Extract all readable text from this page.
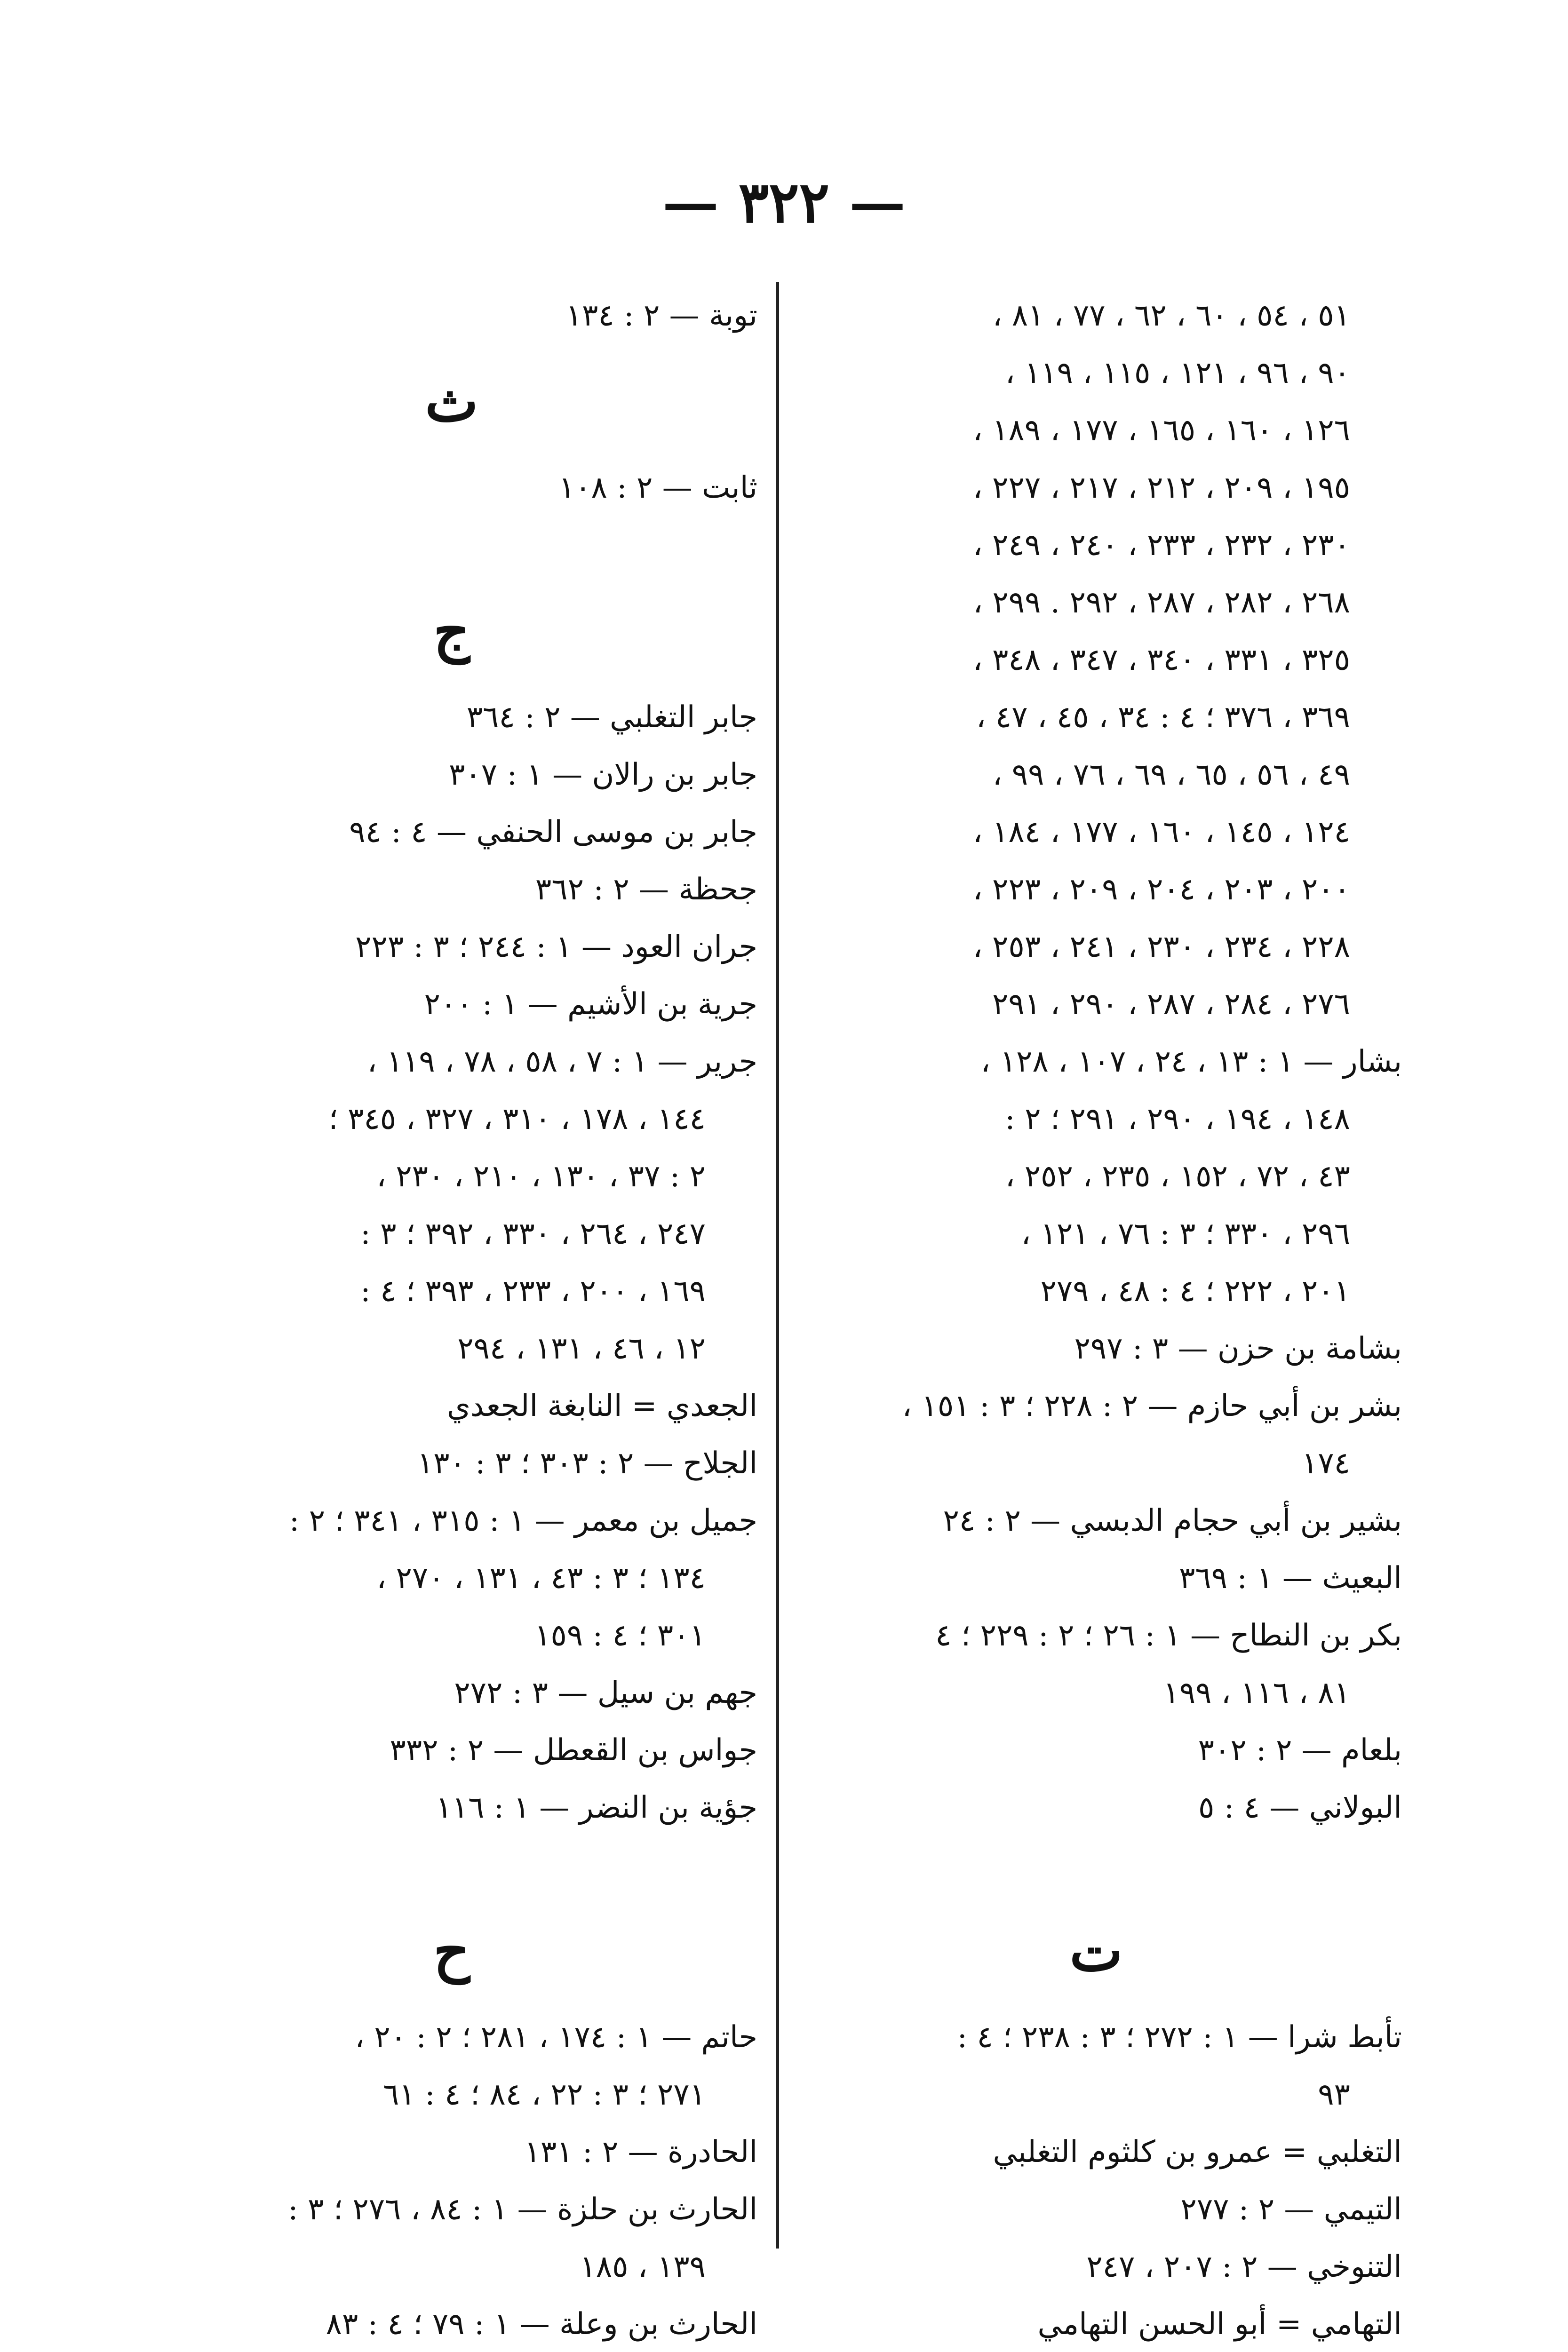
— ٣٢٢ —
٥١ ، ٥٤ ، ٦٠ ، ٦٢ ، ٧٧ ، ٨١ ،
٩٠ ، ٩٦ ، ١٢١ ، ١١٥ ، ١١٩ ،
١٢٦ ، ١٦٠ ، ١٦٥ ، ١٧٧ ، ١٨٩ ،
١٩٥ ، ٢٠٩ ، ٢١٢ ، ٢١٧ ، ٢٢٧ ،
٢٣٠ ، ٢٣٢ ، ٢٣٣ ، ٢٤٠ ، ٢٤٩ ،
٢٦٨ ، ٢٨٢ ، ٢٨٧ ، ٢٩٢ . ٢٩٩ ،
٣٢٥ ، ٣٣١ ، ٣٤٠ ، ٣٤٧ ، ٣٤٨ ،
٣٦٩ ، ٣٧٦ ؛ ٤ : ٣٤ ، ٤٥ ، ٤٧ ،
٤٩ ، ٥٦ ، ٦٥ ، ٦٩ ، ٧٦ ، ٩٩ ،
١٢٤ ، ١٤٥ ، ١٦٠ ، ١٧٧ ، ١٨٤ ،
٢٠٠ ، ٢٠٣ ، ٢٠٤ ، ٢٠٩ ، ٢٢٣ ،
٢٢٨ ، ٢٣٤ ، ٢٣٠ ، ٢٤١ ، ٢٥٣ ،
٢٧٦ ، ٢٨٤ ، ٢٨٧ ، ٢٩٠ ، ٢٩١
بشار — ١ : ١٣ ، ٢٤ ، ١٠٧ ، ١٢٨ ،
١٤٨ ، ١٩٤ ، ٢٩٠ ، ٢٩١ ؛ ٢ :
٤٣ ، ٧٢ ، ١٥٢ ، ٢٣٥ ، ٢٥٢ ،
٢٩٦ ، ٣٣٠ ؛ ٣ : ٧٦ ، ١٢١ ،
٢٠١ ، ٢٢٢ ؛ ٤ : ٤٨ ، ٢٧٩
بشامة بن حزن — ٣ : ٢٩٧
بشر بن أبي حازم — ٢ : ٢٢٨ ؛ ٣ : ١٥١ ،
١٧٤
بشير بن أبي حجام الدبسي — ٢ : ٢٤
البعيث — ١ : ٣٦٩
بكر بن النطاح — ١ : ٢٦ ؛ ٢ : ٢٢٩ ؛ ٤
٨١ ، ١١٦ ، ١٩٩
بلعام — ٢ : ٣٠٢
البولاني — ٤ : ٥
ت
تأبط شرا — ١ : ٢٧٢ ؛ ٣ : ٢٣٨ ؛ ٤ :
٩٣
التغلبي = عمرو بن كلثوم التغلبي
التيمي — ٢ : ٢٧٧
التنوخي — ٢ : ٢٠٧ ، ٢٤٧
التهامي = أبو الحسن التهامي
توبة — ٢ : ١٣٤
ث
ثابت — ٢ : ١٠٨
ج
جابر التغلبي — ٢ : ٣٦٤
جابر بن رالان — ١ : ٣٠٧
جابر بن موسى الحنفي — ٤ : ٩٤
جحظة — ٢ : ٣٦٢
جران العود — ١ : ٢٤٤ ؛ ٣ : ٢٢٣
جرية بن الأشيم — ١ : ٢٠٠
جرير — ١ : ٧ ، ٥٨ ، ٧٨ ، ١١٩ ،
١٤٤ ، ١٧٨ ، ٣١٠ ، ٣٢٧ ، ٣٤٥ ؛
٢ : ٣٧ ، ١٣٠ ، ٢١٠ ، ٢٣٠ ،
٢٤٧ ، ٢٦٤ ، ٣٣٠ ، ٣٩٢ ؛ ٣ :
١٦٩ ، ٢٠٠ ، ٢٣٣ ، ٣٩٣ ؛ ٤ :
١٢ ، ٤٦ ، ١٣١ ، ٢٩٤
الجعدي = النابغة الجعدي
الجلاح — ٢ : ٣٠٣ ؛ ٣ : ١٣٠
جميل بن معمر — ١ : ٣١٥ ، ٣٤١ ؛ ٢ :
١٣٤ ؛ ٣ : ٤٣ ، ١٣١ ، ٢٧٠ ،
٣٠١ ؛ ٤ : ١٥٩
جهم بن سيل — ٣ : ٢٧٢
جواس بن القعطل — ٢ : ٣٣٢
جؤية بن النضر — ١ : ١١٦
ح
حاتم — ١ : ١٧٤ ، ٢٨١ ؛ ٢ : ٢٠ ،
٢٧١ ؛ ٣ : ٢٢ ، ٨٤ ؛ ٤ : ٦١
الحادرة — ٢ : ١٣١
الحارث بن حلزة — ١ : ٨٤ ، ٢٧٦ ؛ ٣ :
١٣٩ ، ١٨٥
الحارث بن وعلة — ١ : ٧٩ ؛ ٤ : ٨٣
